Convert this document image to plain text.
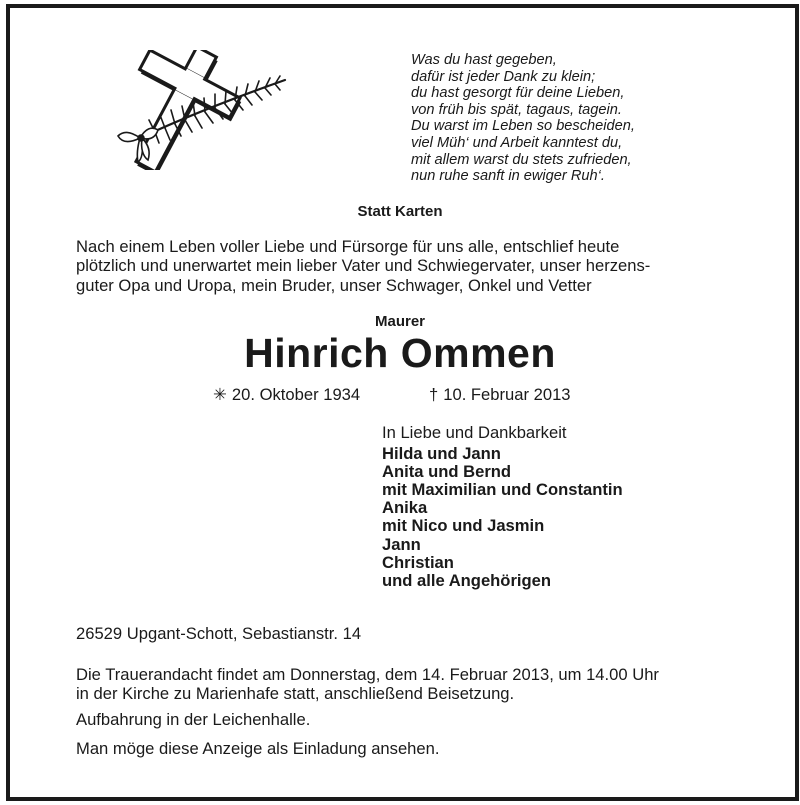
Was du hast gegeben,
dafür ist jeder Dank zu klein;
du hast gesorgt für deine Lieben,
von früh bis spät, tagaus, tagein.
Du warst im Leben so bescheiden,
viel Müh‘ und Arbeit kanntest du,
mit allem warst du stets zufrieden,
nun ruhe sanft in ewiger Ruh‘.
Statt Karten
Nach einem Leben voller Liebe und Fürsorge für uns alle, entschlief heute
plötzlich und unerwartet mein lieber Vater und Schwiegervater, unser herzens-
guter Opa und Uropa, mein Bruder, unser Schwager, Onkel und Vetter
Maurer
Hinrich Ommen
✳ 20. Oktober 1934	† 10. Februar 2013
In Liebe und Dankbarkeit
Hilda und Jann
Anita und Bernd
mit Maximilian und Constantin
Anika
mit Nico und Jasmin
Jann
Christian
und alle Angehörigen
26529 Upgant-Schott, Sebastianstr. 14
Die Trauerandacht findet am Donnerstag, dem 14. Februar 2013, um 14.00 Uhr
in der Kirche zu Marienhafe statt, anschließend Beisetzung.
Aufbahrung in der Leichenhalle.
Man möge diese Anzeige als Einladung ansehen.
